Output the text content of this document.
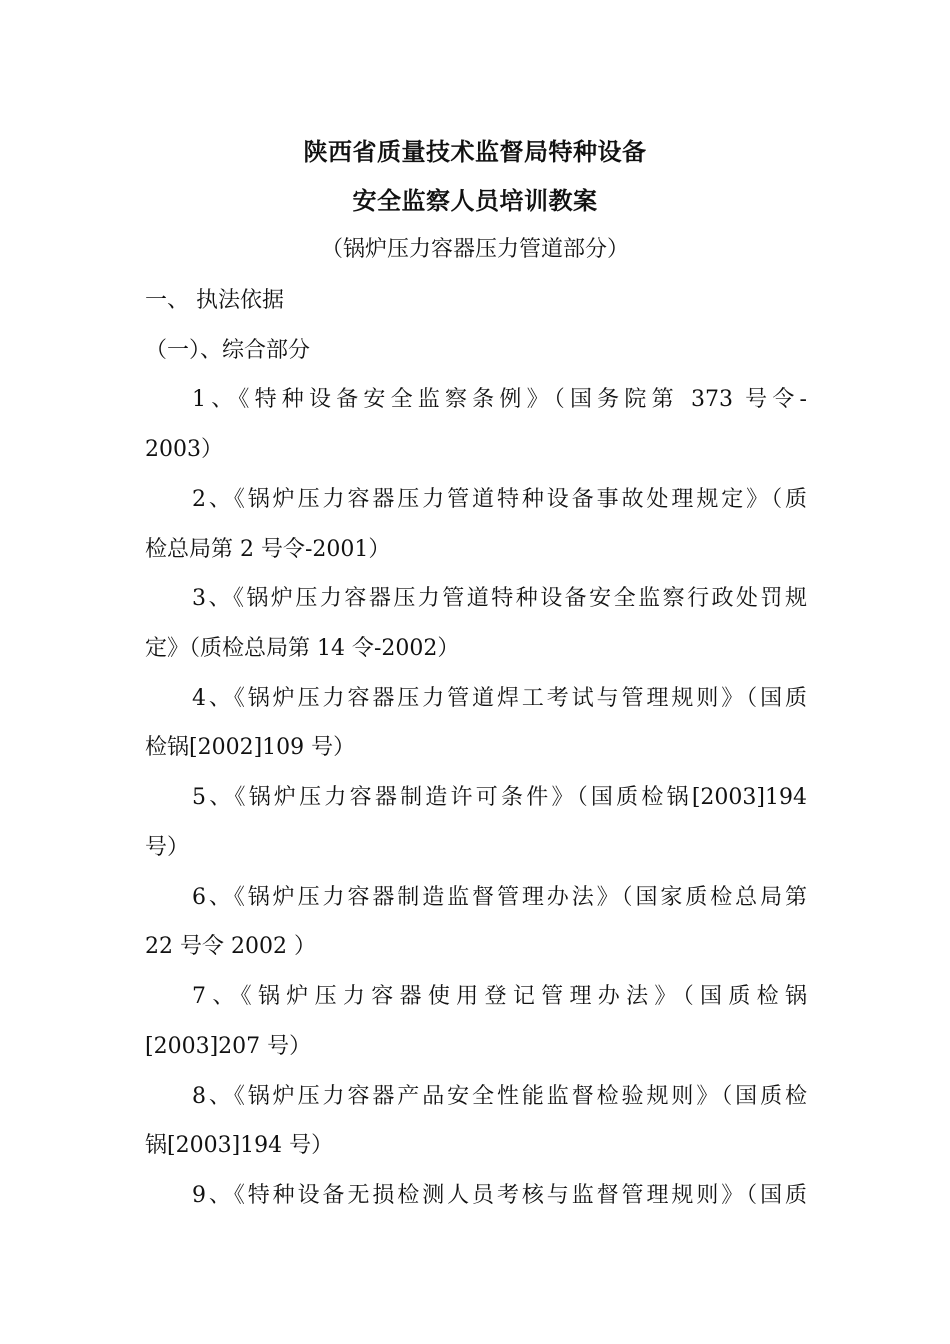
陕西省质量技术监督局特种设备
安全监察人员培训教案
（锅炉压力容器压力管道部分）
一、 执法依据
（一）、综合部分
1、《特种设备安全监察条例》（国务院第 373 号令-
2003）
2、《锅炉压力容器压力管道特种设备事故处理规定》（质
检总局第 2 号令-2001）
3、《锅炉压力容器压力管道特种设备安全监察行政处罚规
定》（质检总局第 14 令-2002）
4、《锅炉压力容器压力管道焊工考试与管理规则》（国质
检锅[2002]109 号）
5、《锅炉压力容器制造许可条件》（国质检锅[2003]194
号）
6、《锅炉压力容器制造监督管理办法》（国家质检总局第
22 号令 2002 ）
7、《锅炉压力容器使用登记管理办法》（国质检锅
[2003]207 号）
8、《锅炉压力容器产品安全性能监督检验规则》（国质检
锅[2003]194 号）
9、《特种设备无损检测人员考核与监督管理规则》（国质
